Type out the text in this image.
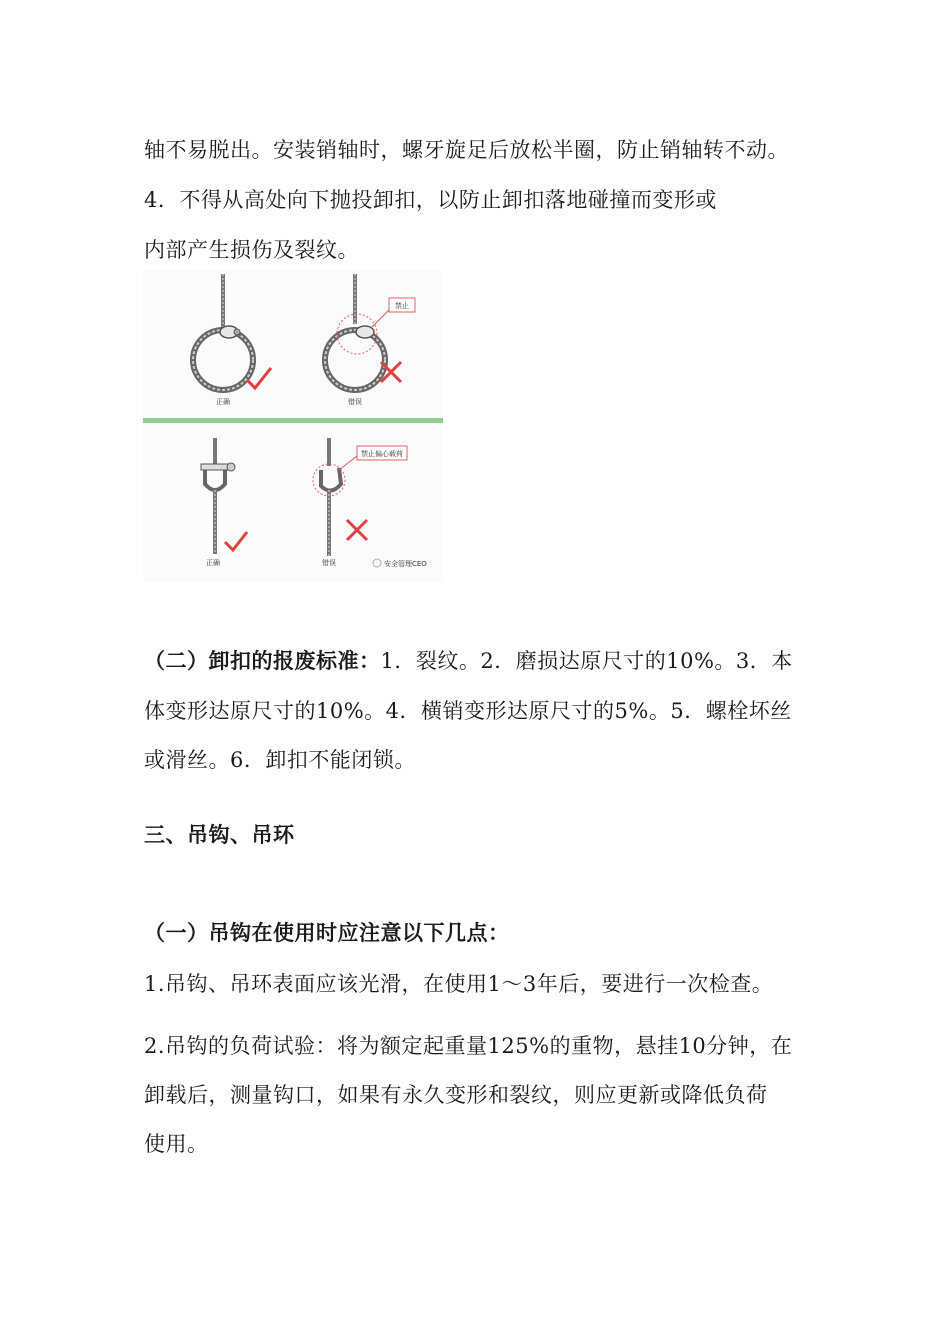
轴不易脱出。安装销轴时，螺牙旋足后放松半圈，防止销轴转不动。
4．不得从高处向下抛投卸扣，以防止卸扣落地碰撞而变形或
内部产生损伤及裂纹。
正确
禁止
错误
正确
禁止偏心载荷
错误	安全管理CEO
（二）卸扣的报废标准：1．裂纹。2．磨损达原尺寸的10%。3．本
体变形达原尺寸的10%。4．横销变形达原尺寸的5%。5．螺栓坏丝
或滑丝。6．卸扣不能闭锁。
三、吊钩、吊环
（一）吊钩在使用时应注意以下几点：
1.吊钩、吊环表面应该光滑，在使用1～3年后，要进行一次检查。
2.吊钩的负荷试验：将为额定起重量125%的重物，悬挂10分钟，在
卸载后，测量钩口，如果有永久变形和裂纹，则应更新或降低负荷
使用。
